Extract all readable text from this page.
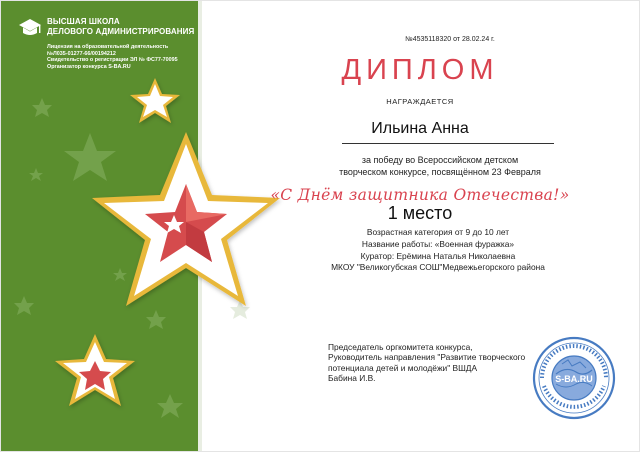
ВЫСШАЯ ШКОЛА
ДЕЛОВОГО АДМИНИСТРИРОВАНИЯ
Лицензия на образовательной деятельность
№Л035-01277-66/00194212
Свидетельство о регистрации ЭЛ № ФС77-70095
Организатор конкурса S-BA.RU
№4535118320 от 28.02.24 г.
ДИПЛОМ
НАГРАЖДАЕТСЯ
Ильина Анна
за победу во Всероссийском детском
творческом конкурсе, посвящённом 23 Февраля
«С Днём защитника Отечества!»
1 место
Возрастная категория от 9 до 10 лет
Название работы: «Военная фуражка»
Куратор: Ерёмина Наталья Николаевна
МКОУ "Великогубская СОШ"Медвежьегорского района
Председатель оргкомитета конкурса,
Руководитель направления "Развитие творческого
потенциала детей и молодёжи" ВШДА
Бабина И.В.	S-BA.RU
